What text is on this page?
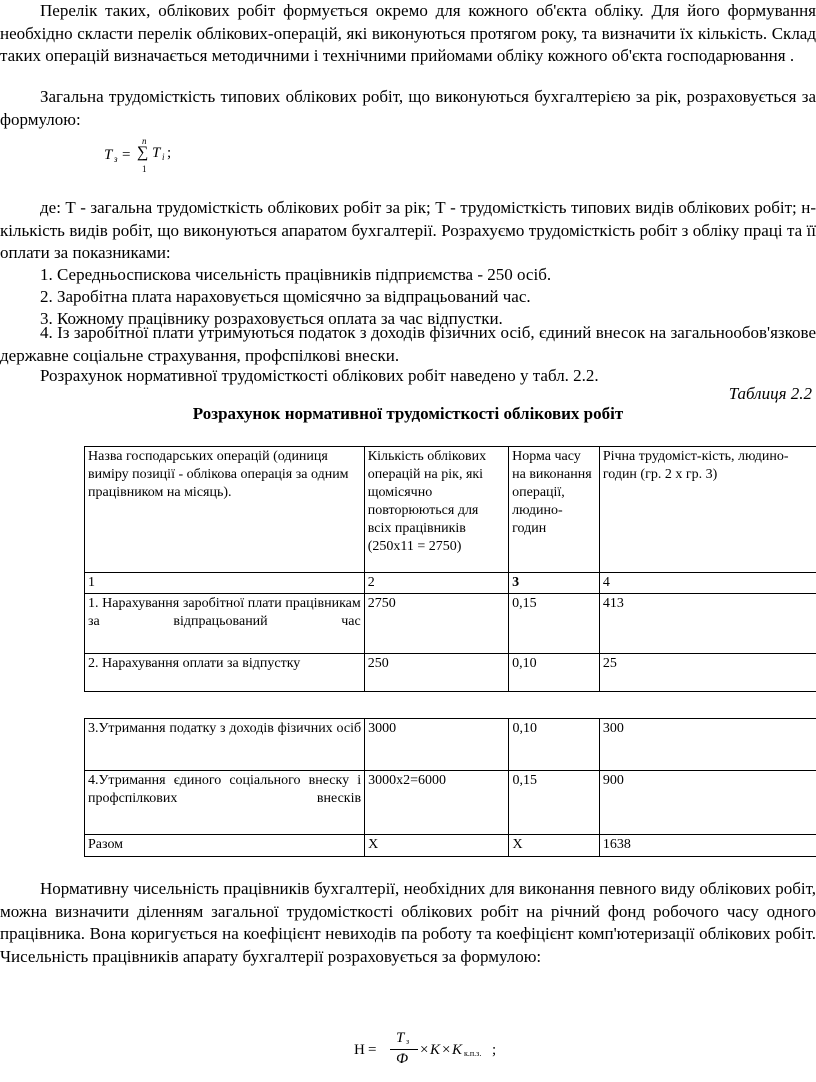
Перелік таких, облікових робіт формується окремо для кожного об'єкта обліку. Для його формування необхідно скласти перелік облікових-операцій, які виконуються протягом року, та визначити їх кількість. Склад таких операцій визначається методичними і технічними прийомами обліку кожного об'єкта господарювання .

Загальна трудомісткість типових облікових робіт, що виконуються бухгалтерією за рік, розраховується за формулою:

Т з =
n
∑
1
Т i ;

де: Т - загальна трудомісткість облікових робіт за рік; Т - трудомісткість типових видів облікових робіт; н- кількість видів робіт, що виконуються апаратом бухгалтерії. Розрахуємо трудомісткість робіт з обліку праці та її оплати за показниками:

1. Середньоспискова чисельність працівників підприємства - 250 осіб.

2. Заробітна плата нараховується щомісячно за відпрацьований час.

3. Кожному працівнику розраховується оплата за час відпустки.

4. Із заробітної плати утримуються податок з доходів фізичних осіб, єдиний внесок на загальнообов'язкове державне соціальне страхування, профспілкові внески.

Розрахунок нормативної трудомісткості облікових робіт наведено у табл. 2.2.

Таблиця 2.2
Розрахунок нормативної трудомісткості облікових робіт
Назва господарських операцій (одиниця виміру позиції - облікова операція за одним працівником на місяць).	Кількість облікових операцій на рік, які щомісячно повторюються для всіх працівників (250х11 = 2750)	Норма часу на виконання операції, людино-годин	Річна трудоміст-кість, людино-годин (гр. 2 х гр. 3)
1	2	3	4
1. Нарахування заробітної плати працівникам за відпрацьований час	2750	0,15	413
2. Нарахування оплати за відпустку	250	0,10	25
3.Утримання податку з доходів фізичних осіб	3000	0,10	300
4.Утримання єдиного соціального внеску і профспілкових внесків	3000х2=6000	0,15	900
Разом	Х	Х	1638

Нормативну чисельність працівників бухгалтерії, необхідних для виконання певного виду облікових робіт, можна визначити діленням загальної трудомісткості облікових робіт на річний фонд робочого часу одного працівника. Вона коригується на коефіцієнт невиходів па роботу та коефіцієнт комп'ютеризації облікових робіт. Чисельність працівників апарату бухгалтерії розраховується за формулою:

Н =
Т з
Ф
× К × К к.п.з. ;
